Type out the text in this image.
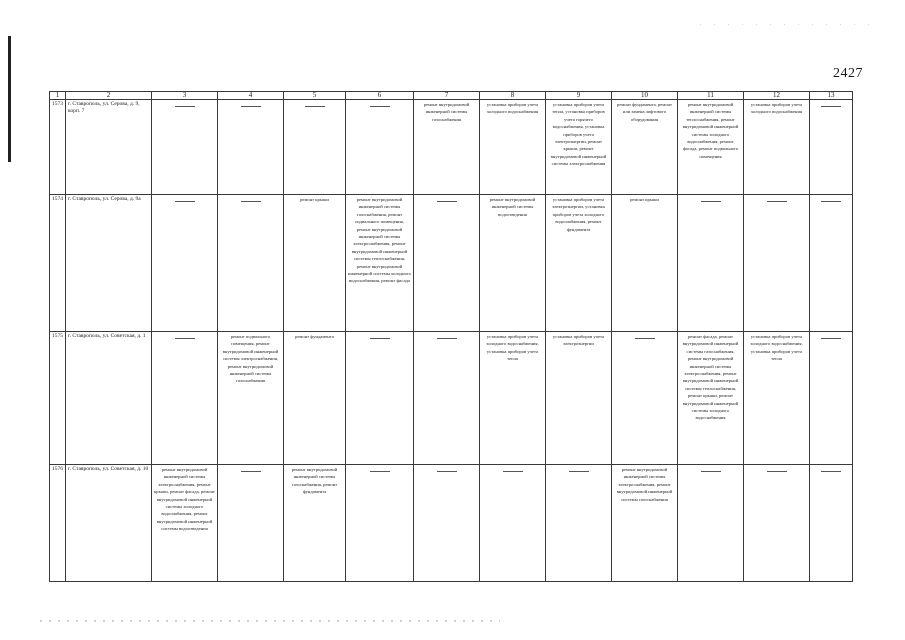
2427
1	2	3	4	5	6	7	8	9	10	11	12	13
1573	г. Ставрополь, ул. Серова, д. 9, корп. 7					ремонт внутридомовой инженерной системы газоснабжения	установка приборов учета холодного водоснабжения	установка приборов учета тепла, установка приборов учета горячего водоснабжения, установка приборов учета электроэнергии, ремонт крыши, ремонт внутридомовой инженерной системы электроснабжения	ремонт фундамента, ремонт или замена лифтового оборудования	ремонт внутридомовой инженерной системы теплоснабжения, ремонт внутридомовой инженерной системы холодного водоснабжения, ремонт фасада, ремонт подвального помещения	установка приборов учета холодного водоснабжения	

1574	г. Ставрополь, ул. Серова, д. 9а			ремонт крыши	ремонт внутридомовой инженерной системы газоснабжения, ремонт подвального помещения, ремонт внутридомовой инженерной системы электроснабжения, ремонт внутридомовой инженерной системы теплоснабжения, ремонт внутридомовой инженерной системы холодного водоснабжения, ремонт фасада		ремонт внутридомовой инженерной системы водоотведения	установка приборов учета электроэнергии, установка приборов учета холодного водоснабжения, ремонт фундамента	ремонт крыши	

1575	г. Ставрополь, ул. Советская, д. 1		ремонт подвального помещения, ремонт внутридомовой инженерной системы электроснабжения, ремонт внутридомовой инженерной системы газоснабжения	ремонт фундамента			установка приборов учета холодного водоснабжения, установка приборов учета тепла	установка приборов учета электроэнергии		ремонт фасада, ремонт внутридомовой инженерной системы газоснабжения, ремонт внутридомовой инженерной системы электроснабжения, ремонт внутридомовой инженерной системы теплоснабжения, ремонт крыши, ремонт внутридомовой инженерной системы холодного водоснабжения	установка приборов учета холодного водоснабжения, установка приборов учета тепла	

1576	г. Ставрополь, ул. Советская, д. 10	ремонт внутридомовой инженерной системы электроснабжения, ремонт крыши, ремонт фасада, ремонт внутридомовой инженерной системы холодного водоснабжения, ремонт внутридомовой инженерной системы водоотведения		ремонт внутридомовой инженерной системы газоснабжения, ремонт фундамента					ремонт внутридомовой инженерной системы электроснабжения, ремонт внутридомовой инженерной системы газоснабжения	
